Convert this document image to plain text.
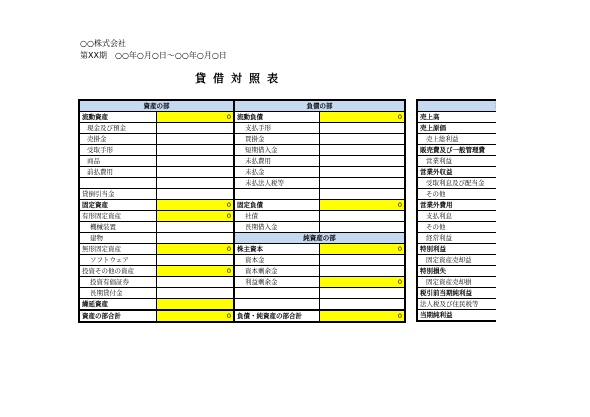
○○株式会社
第XX期　○○年○月○日〜○○年○月○日
貸借対照表
資産の部		負債の部	
流動資産	0	流動負債	0
現金及び預金		支払手形	
売掛金		買掛金	
受取手形		短期借入金	
商品		未払費用	
前払費用		未払金	
		未払法人税等	
貸倒引当金			
固定資産	0	固定負債	0
有形固定資産	0	社債	
機械装置		長期借入金	
建物		純資産の部	
無形固定資産	0	株主資本	0
ソフトウェア		資本金	
投資その他の資産	0	資本剰余金	
投資有価証券		利益剰余金	0
長期貸付金			
繰延資産			
資産の部合計	0	負債・純資産の部合計	0

売上高
売上原価
売上総利益
販売費及び一般管理費
営業利益
営業外収益
受取利息及び配当金
その他
営業外費用
支払利息
その他
経常利益
特別利益
固定資産売却益
特別損失
固定資産売却損
税引前当期純利益
法人税及び住民税等
当期純利益
